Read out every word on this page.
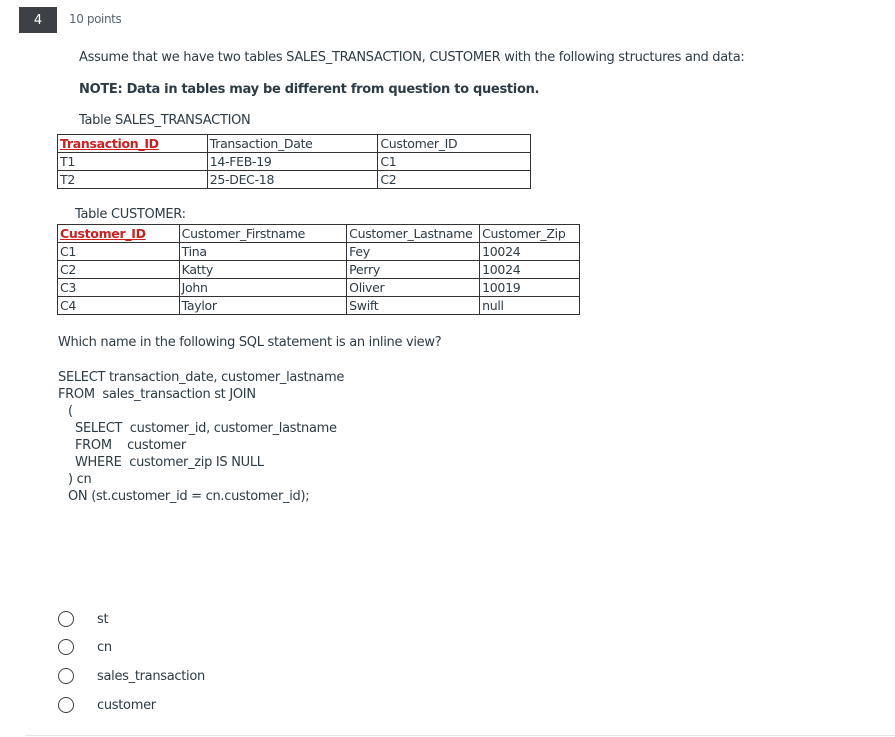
4 10 points
Assume that we have two tables SALES_TRANSACTION, CUSTOMER with the following structures and data:
NOTE: Data in tables may be different from question to question.
Table SALES_TRANSACTION
Transaction_ID	Transaction_Date	Customer_ID
T1	14-FEB-19	C1
T2	25-DEC-18	C2
Table CUSTOMER:
Customer_ID	Customer_Firstname	Customer_Lastname	Customer_Zip
C1	Tina	Fey	10024
C2	Katty	Perry	10024
C3	John	Oliver	10019
C4	Taylor	Swift	null
Which name in the following SQL statement is an inline view?
SELECT transaction_date, customer_lastname
FROM  sales_transaction st JOIN
(
SELECT  customer_id, customer_lastname
FROM    customer
WHERE  customer_zip IS NULL
) cn
ON (st.customer_id = cn.customer_id);
st
cn
sales_transaction
customer
